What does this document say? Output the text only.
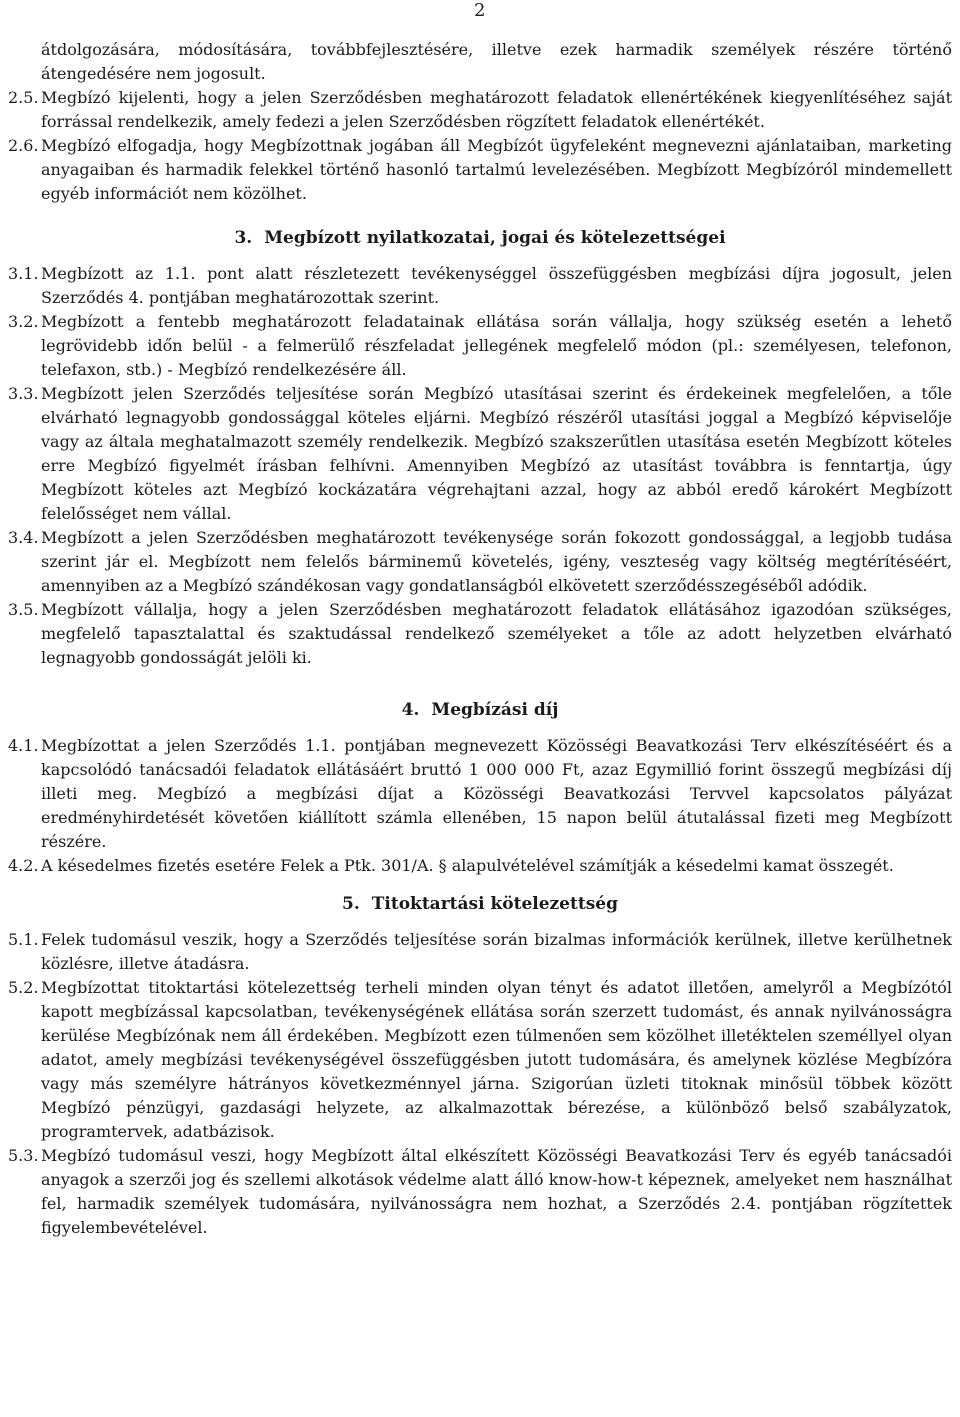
2
átdolgozására, módosítására, továbbfejlesztésére, illetve ezek harmadik személyek részére történő átengedésére nem jogosult.
2.5. Megbízó kijelenti, hogy a jelen Szerződésben meghatározott feladatok ellenértékének kiegyenlítéséhez saját forrással rendelkezik, amely fedezi a jelen Szerződésben rögzített feladatok ellenértékét.
2.6. Megbízó elfogadja, hogy Megbízottnak jogában áll Megbízót ügyfeleként megnevezni ajánlataiban, marketing anyagaiban és harmadik felekkel történő hasonló tartalmú levelezésében. Megbízott Megbízóról mindemellett egyéb információt nem közölhet.
3. Megbízott nyilatkozatai, jogai és kötelezettségei
3.1. Megbízott az 1.1. pont alatt részletezett tevékenységgel összefüggésben megbízási díjra jogosult, jelen Szerződés 4. pontjában meghatározottak szerint.
3.2. Megbízott a fentebb meghatározott feladatainak ellátása során vállalja, hogy szükség esetén a lehető legrövidebb időn belül - a felmerülő részfeladat jellegének megfelelő módon (pl.: személyesen, telefonon, telefaxon, stb.) - Megbízó rendelkezésére áll.
3.3. Megbízott jelen Szerződés teljesítése során Megbízó utasításai szerint és érdekeinek megfelelően, a tőle elvárható legnagyobb gondossággal köteles eljárni. Megbízó részéről utasítási joggal a Megbízó képviselője vagy az általa meghatalmazott személy rendelkezik. Megbízó szakszerűtlen utasítása esetén Megbízott köteles erre Megbízó figyelmét írásban felhívni. Amennyiben Megbízó az utasítást továbbra is fenntartja, úgy Megbízott köteles azt Megbízó kockázatára végrehajtani azzal, hogy az abból eredő károkért Megbízott felelősséget nem vállal.
3.4. Megbízott a jelen Szerződésben meghatározott tevékenysége során fokozott gondossággal, a legjobb tudása szerint jár el. Megbízott nem felelős bárminemű követelés, igény, veszteség vagy költség megtérítéséért, amennyiben az a Megbízó szándékosan vagy gondatlanságból elkövetett szerződésszegéséből adódik.
3.5. Megbízott vállalja, hogy a jelen Szerződésben meghatározott feladatok ellátásához igazodóan szükséges, megfelelő tapasztalattal és szaktudással rendelkező személyeket a tőle az adott helyzetben elvárható legnagyobb gondosságát jelöli ki.
4. Megbízási díj
4.1. Megbízottat a jelen Szerződés 1.1. pontjában megnevezett Közösségi Beavatkozási Terv elkészítéséért és a kapcsolódó tanácsadói feladatok ellátásáért bruttó 1 000 000 Ft, azaz Egymillió forint összegű megbízási díj illeti meg. Megbízó a megbízási díjat a Közösségi Beavatkozási Tervvel kapcsolatos pályázat eredményhirdetését követően kiállított számla ellenében, 15 napon belül átutalással fizeti meg Megbízott részére.
4.2. A késedelmes fizetés esetére Felek a Ptk. 301/A. § alapulvételével számítják a késedelmi kamat összegét.
5. Titoktartási kötelezettség
5.1. Felek tudomásul veszik, hogy a Szerződés teljesítése során bizalmas információk kerülnek, illetve kerülhetnek közlésre, illetve átadásra.
5.2. Megbízottat titoktartási kötelezettség terheli minden olyan tényt és adatot illetően, amelyről a Megbízótól kapott megbízással kapcsolatban, tevékenységének ellátása során szerzett tudomást, és annak nyilvánosságra kerülése Megbízónak nem áll érdekében. Megbízott ezen túlmenően sem közölhet illetéktelen személlyel olyan adatot, amely megbízási tevékenységével összefüggésben jutott tudomására, és amelynek közlése Megbízóra vagy más személyre hátrányos következménnyel járna. Szigorúan üzleti titoknak minősül többek között Megbízó pénzügyi, gazdasági helyzete, az alkalmazottak bérezése, a különböző belső szabályzatok, programtervek, adatbázisok.
5.3. Megbízó tudomásul veszi, hogy Megbízott által elkészített Közösségi Beavatkozási Terv és egyéb tanácsadói anyagok a szerzői jog és szellemi alkotások védelme alatt álló know-how-t képeznek, amelyeket nem használhat fel, harmadik személyek tudomására, nyilvánosságra nem hozhat, a Szerződés 2.4. pontjában rögzítettek figyelembevételével.
